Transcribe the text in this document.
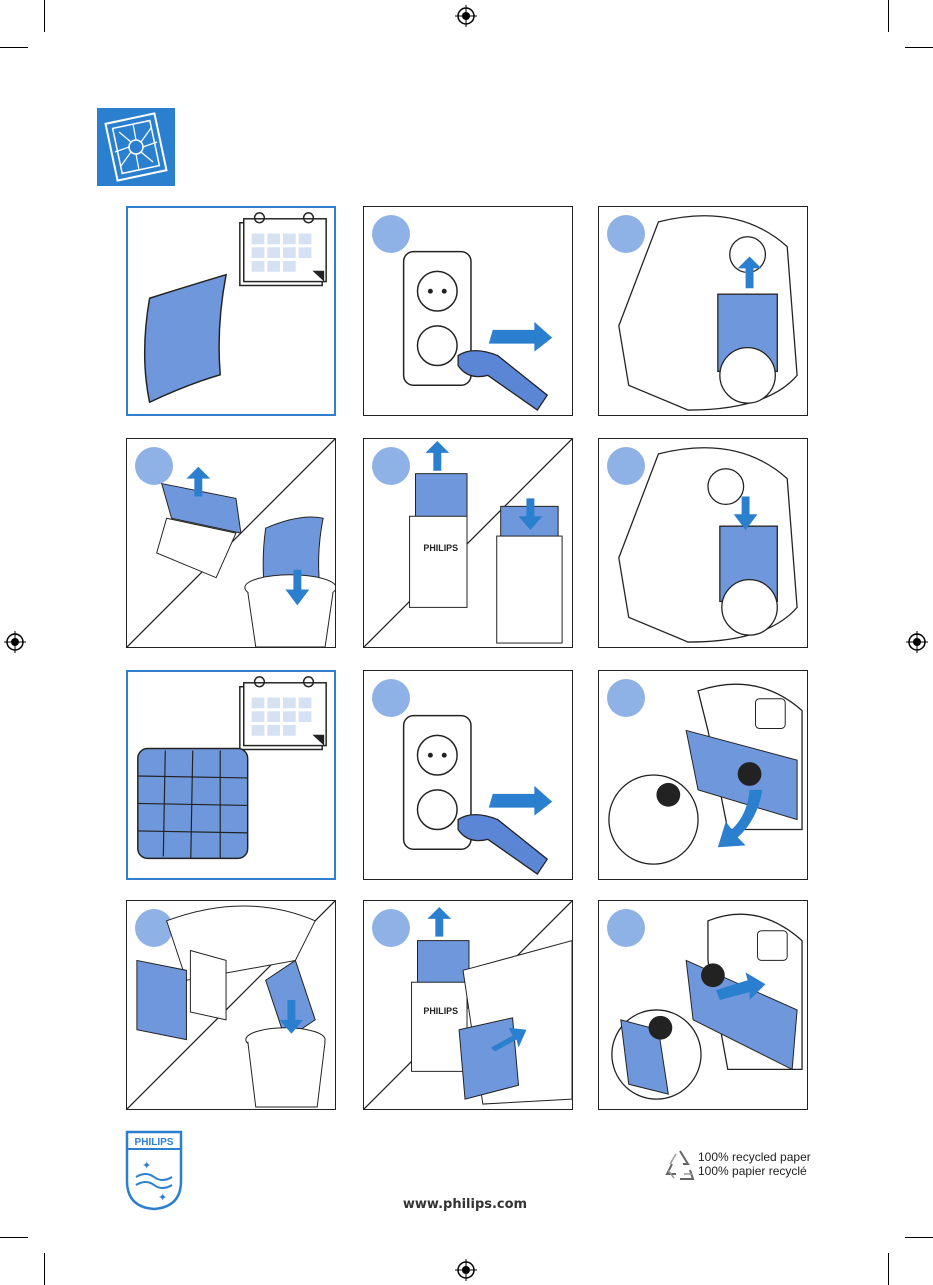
PHILIPS
PHILIPS
PHILIPS
✦
✦	www.philips.com
100% recycled paper
100% papier recyclé
